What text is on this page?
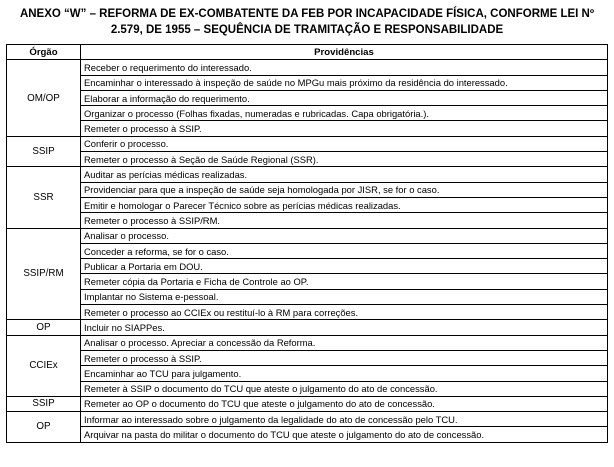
ANEXO “W” – REFORMA DE EX-COMBATENTE DA FEB POR INCAPACIDADE FÍSICA, CONFORME LEI Nº
2.579, DE 1955 – SEQUÊNCIA DE TRAMITAÇÃO E RESPONSABILIDADE
Órgão	Providências
OM/OP	Receber o requerimento do interessado.
	Encaminhar o interessado à inspeção de saúde no MPGu mais próximo da residência do interessado.
	Elaborar a informação do requerimento.
	Organizar o processo (Folhas fixadas, numeradas e rubricadas. Capa obrigatória.).
	Remeter o processo à SSIP.
SSIP	Conferir o processo.
	Remeter o processo à Seção de Saúde Regional (SSR).
SSR	Auditar as perícias médicas realizadas.
	Providenciar para que a inspeção de saúde seja homologada por JISR, se for o caso.
	Emitir e homologar o Parecer Técnico sobre as perícias médicas realizadas.
	Remeter o processo à SSIP/RM.
SSIP/RM	Analisar o processo.
	Conceder a reforma, se for o caso.
	Publicar a Portaria em DOU.
	Remeter cópia da Portaria e Ficha de Controle ao OP.
	Implantar no Sistema e-pessoal.
	Remeter o processo ao CCIEx ou restituí-lo à RM para correções.
OP	Incluir no SIAPPes.
CCIEx	Analisar o processo. Apreciar a concessão da Reforma.
	Remeter o processo à SSIP.
	Encaminhar ao TCU para julgamento.
	Remeter à SSIP o documento do TCU que ateste o julgamento do ato de concessão.
SSIP	Remeter ao OP o documento do TCU que ateste o julgamento do ato de concessão.
OP	Informar ao interessado sobre o julgamento da legalidade do ato de concessão pelo TCU.
	Arquivar na pasta do militar o documento do TCU que ateste o julgamento do ato de concessão.
